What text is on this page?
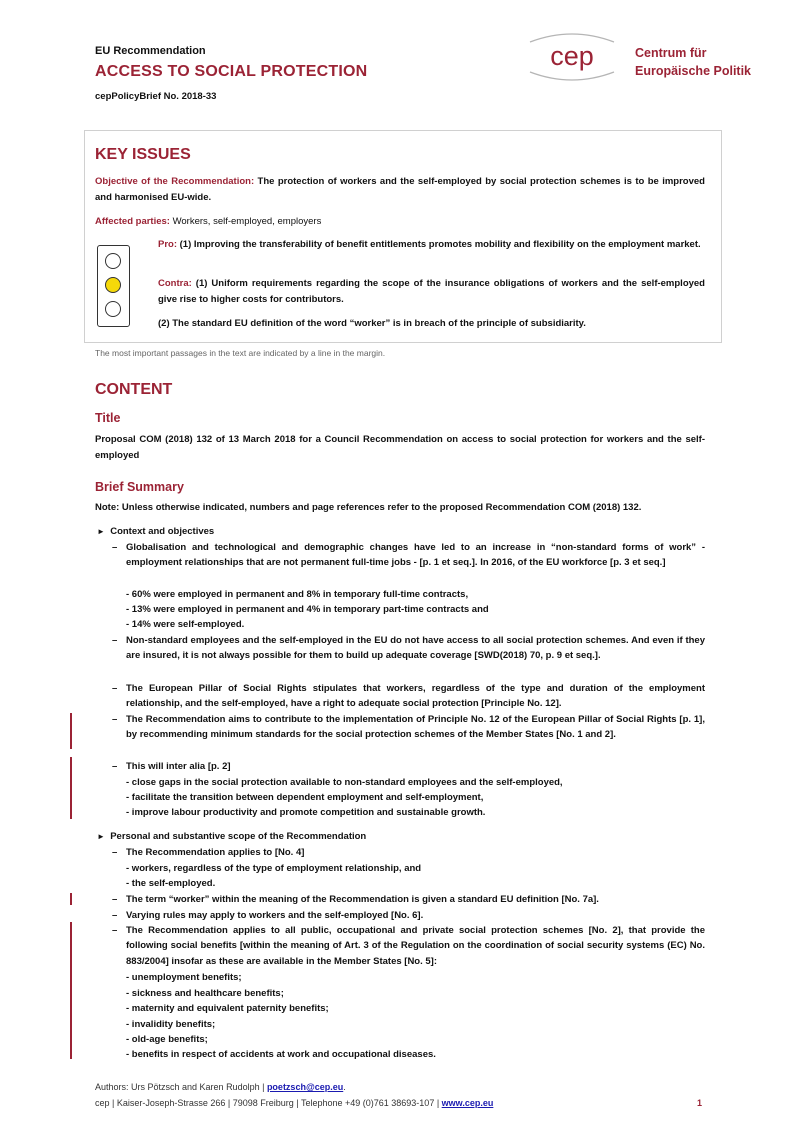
EU Recommendation
ACCESS TO SOCIAL PROTECTION
cepPolicyBrief No. 2018-33
cep	Centrum für
Europäische Politik
KEY ISSUES
Objective of the Recommendation: The protection of workers and the self-employed by social protection schemes is to be improved and harmonised EU-wide.
Affected parties: Workers, self-employed, employers
Pro: (1) Improving the transferability of benefit entitlements promotes mobility and flexibility on the employment market.
Contra: (1) Uniform requirements regarding the scope of the insurance obligations of workers and the self-employed give rise to higher costs for contributors.
(2) The standard EU definition of the word “worker” is in breach of the principle of subsidiarity.
The most important passages in the text are indicated by a line in the margin.
CONTENT
Title
Proposal COM (2018) 132 of 13 March 2018 for a Council Recommendation on access to social protection for workers and the self-employed
Brief Summary
Note: Unless otherwise indicated, numbers and page references refer to the proposed Recommendation COM (2018) 132.
► Context and objectives
– Globalisation and technological and demographic changes have led to an increase in “non-standard forms of work” - employment relationships that are not permanent full-time jobs - [p. 1 et seq.]. In 2016, of the EU workforce [p. 3 et seq.]
- 60% were employed in permanent and 8% in temporary full-time contracts,
- 13% were employed in permanent and 4% in temporary part-time contracts and
- 14% were self-employed.
– Non-standard employees and the self-employed in the EU do not have access to all social protection schemes. And even if they are insured, it is not always possible for them to build up adequate coverage [SWD(2018) 70, p. 9 et seq.].
– The European Pillar of Social Rights stipulates that workers, regardless of the type and duration of the employment relationship, and the self-employed, have a right to adequate social protection [Principle No. 12].
– The Recommendation aims to contribute to the implementation of Principle No. 12 of the European Pillar of Social Rights [p. 1], by recommending minimum standards for the social protection schemes of the Member States [No. 1 and 2].
– This will inter alia [p. 2]
- close gaps in the social protection available to non-standard employees and the self-employed,
- facilitate the transition between dependent employment and self-employment,
- improve labour productivity and promote competition and sustainable growth.
► Personal and substantive scope of the Recommendation
– The Recommendation applies to [No. 4]
- workers, regardless of the type of employment relationship, and
- the self-employed.
– The term “worker” within the meaning of the Recommendation is given a standard EU definition [No. 7a].
– Varying rules may apply to workers and the self-employed [No. 6].
– The Recommendation applies to all public, occupational and private social protection schemes [No. 2], that provide the following social benefits [within the meaning of Art. 3 of the Regulation on the coordination of social security systems (EC) No. 883/2004] insofar as these are available in the Member States [No. 5]:
- unemployment benefits;
- sickness and healthcare benefits;
- maternity and equivalent paternity benefits;
- invalidity benefits;
- old-age benefits;
- benefits in respect of accidents at work and occupational diseases.
Authors: Urs Pötzsch and Karen Rudolph | poetzsch@cep.eu.
cep | Kaiser-Joseph-Strasse 266 | 79098 Freiburg | Telephone +49 (0)761 38693-107 | www.cep.eu	1
